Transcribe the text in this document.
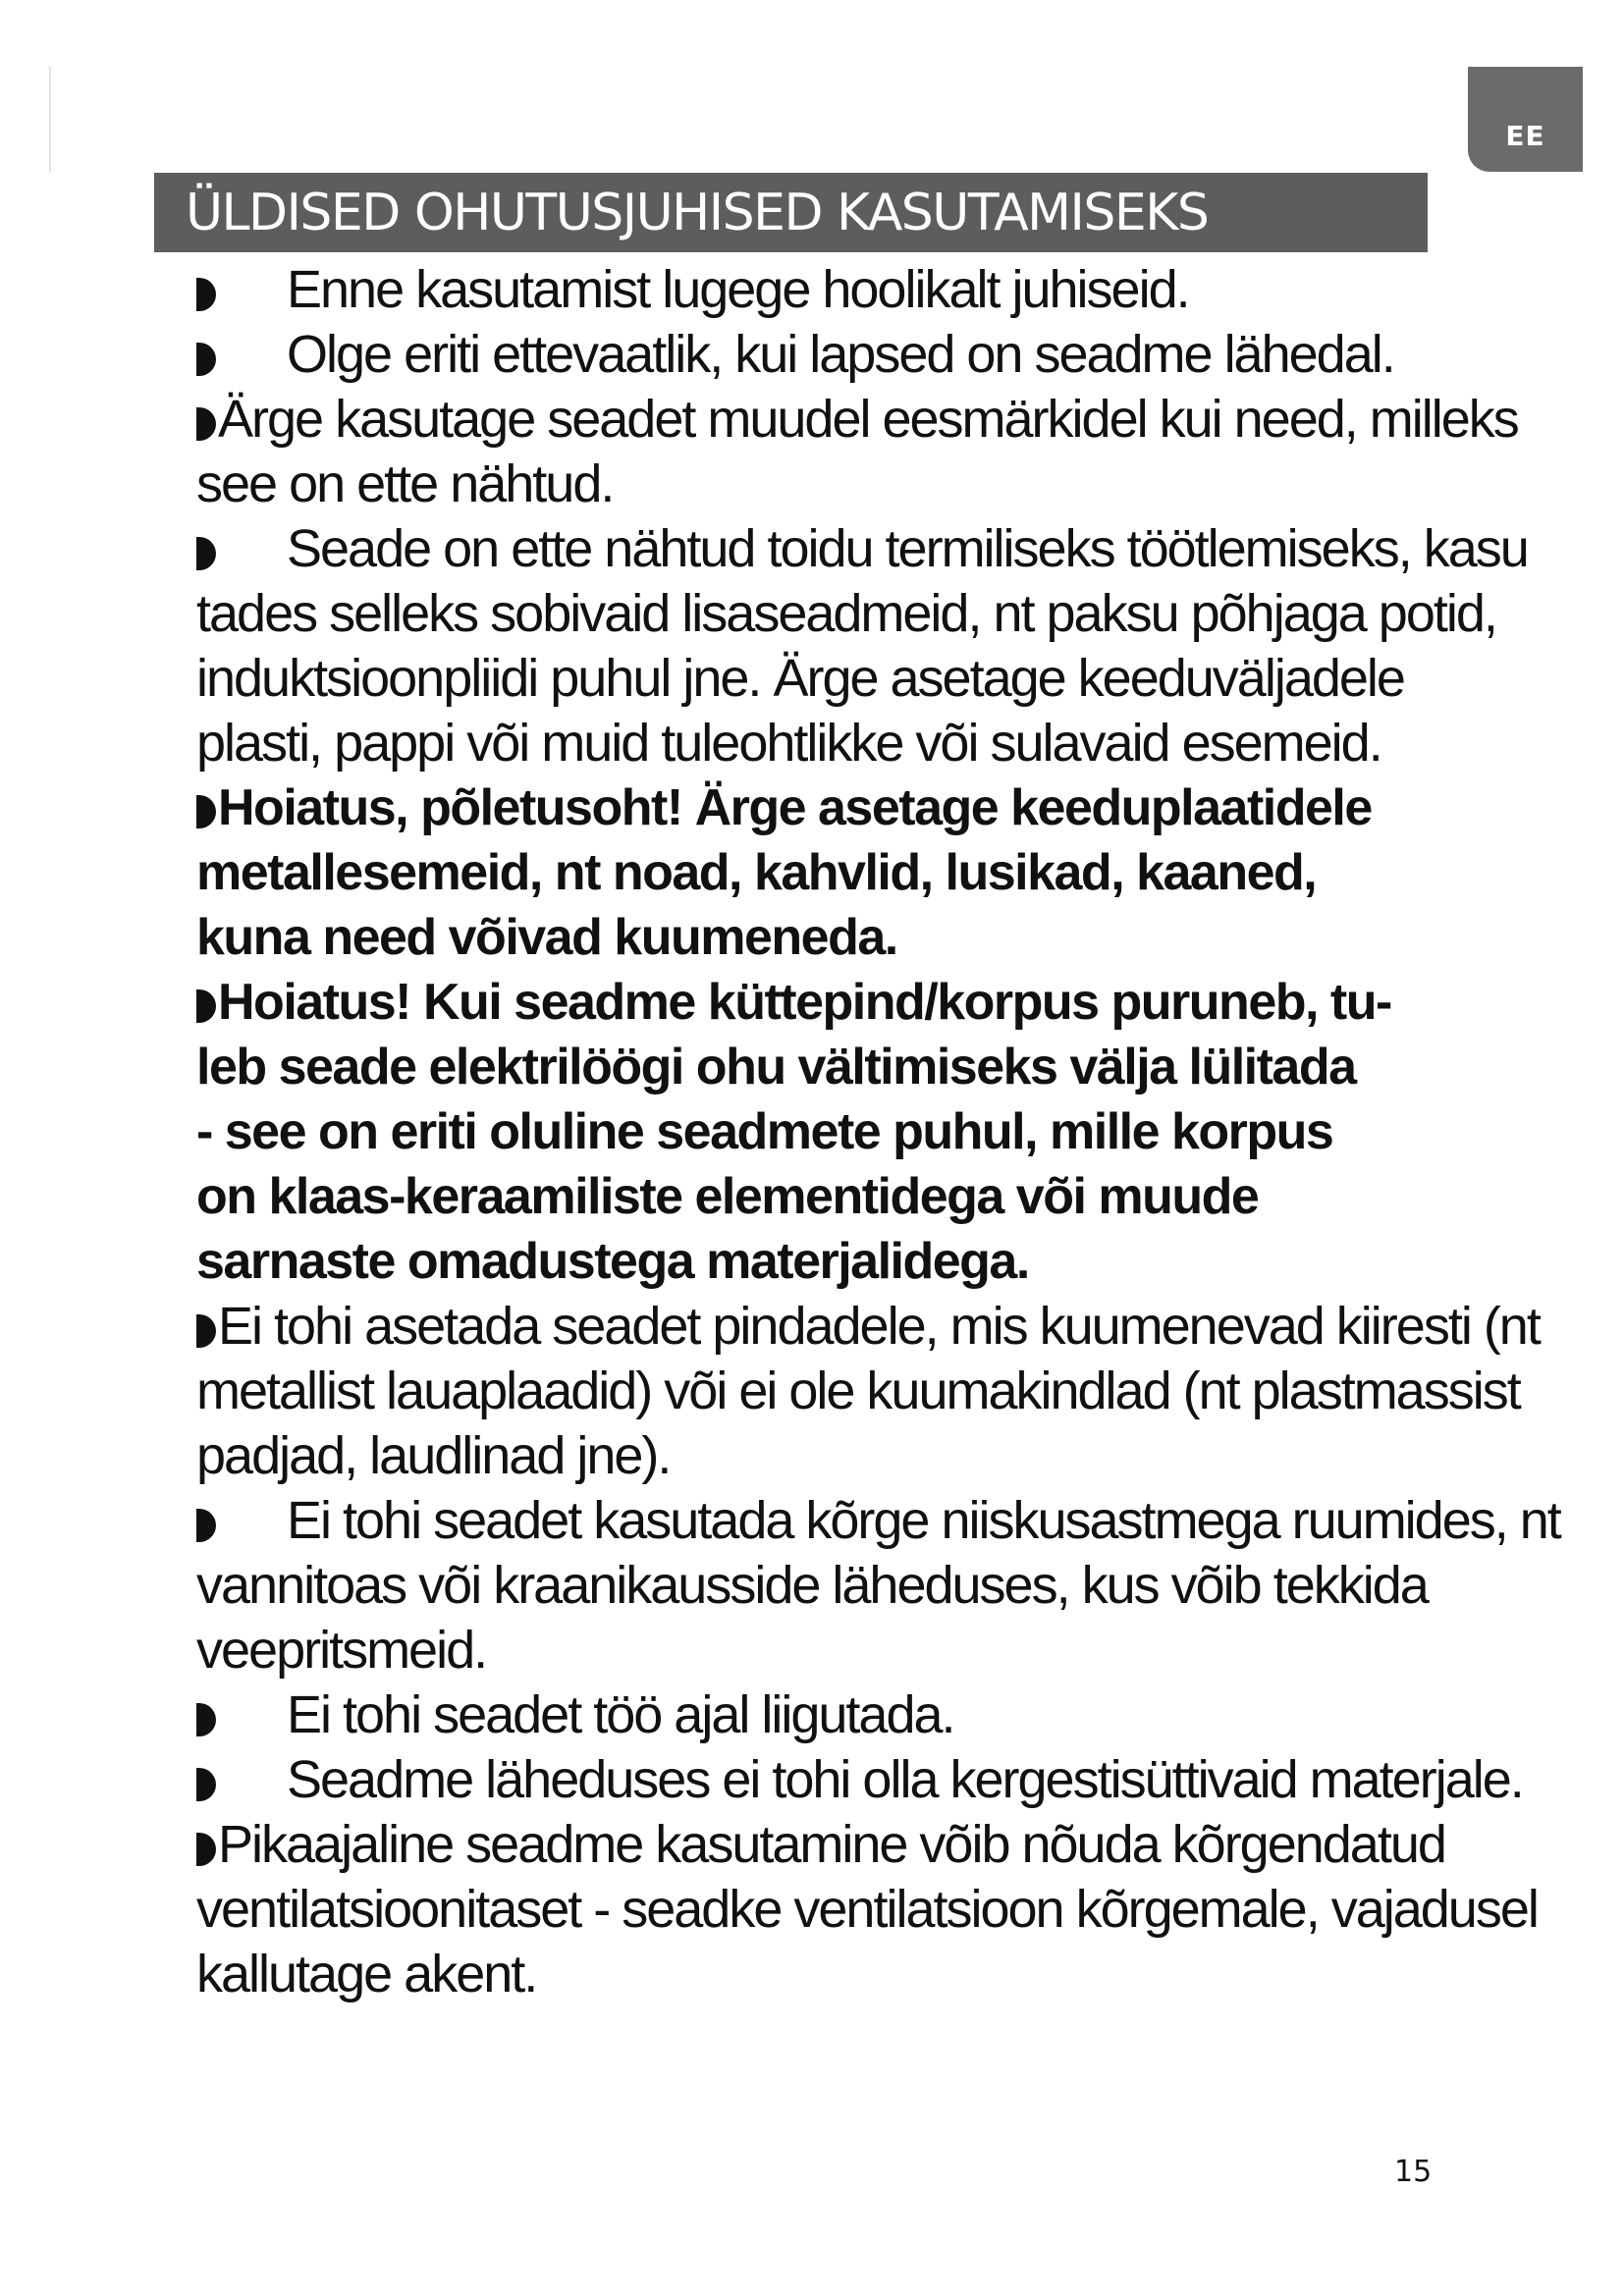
EE
ÜLDISED OHUTUSJUHISED KASUTAMISEKS
Enne kasutamist lugege hoolikalt juhiseid.
Olge eriti ettevaatlik, kui lapsed on seadme lähedal.
Ärge kasutage seadet muudel eesmärkidel kui need, milleks
see on ette nähtud.
Seade on ette nähtud toidu termiliseks töötlemiseks, kasu
tades selleks sobivaid lisaseadmeid, nt paksu põhjaga potid,
induktsioonpliidi puhul jne. Ärge asetage keeduväljadele
plasti, pappi või muid tuleohtlikke või sulavaid esemeid.
Hoiatus, põletusoht! Ärge asetage keeduplaatidele
metallesemeid, nt noad, kahvlid, lusikad, kaaned,
kuna need võivad kuumeneda.
Hoiatus! Kui seadme küttepind/korpus puruneb, tu-
leb seade elektrilöögi ohu vältimiseks välja lülitada
- see on eriti oluline seadmete puhul, mille korpus
on klaas-keraamiliste elementidega või muude
sarnaste omadustega materjalidega.
Ei tohi asetada seadet pindadele, mis kuumenevad kiiresti (nt
metallist lauaplaadid) või ei ole kuumakindlad (nt plastmassist
padjad, laudlinad jne).
Ei tohi seadet kasutada kõrge niiskusastmega ruumides, nt
vannitoas või kraanikausside läheduses, kus võib tekkida
veepritsmeid.
Ei tohi seadet töö ajal liigutada.
Seadme läheduses ei tohi olla kergestisüttivaid materjale.
Pikaajaline seadme kasutamine võib nõuda kõrgendatud
ventilatsioonitaset - seadke ventilatsioon kõrgemale, vajadusel
kallutage akent.
15
